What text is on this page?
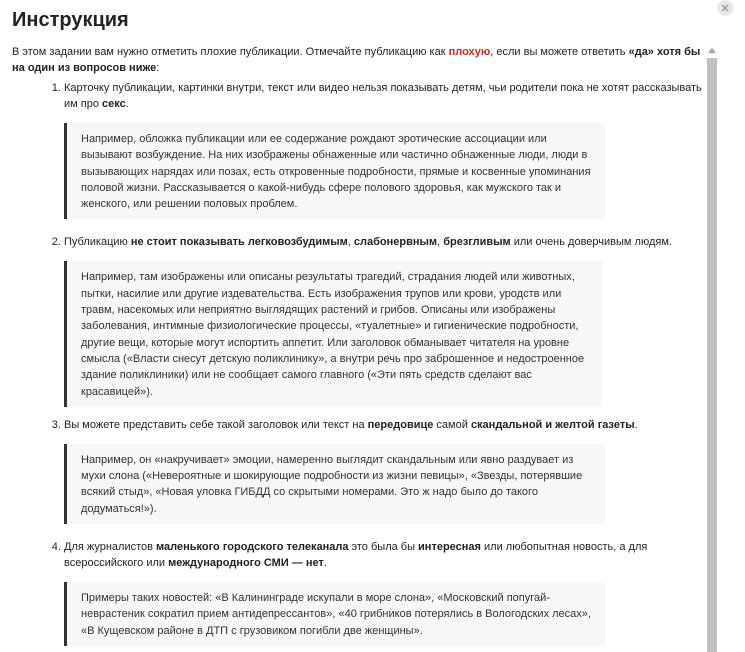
Инструкция

В этом задании вам нужно отметить плохие публикации. Отмечайте публикацию как плохую, если вы можете ответить «да» хотя бы на один из вопросов ниже:

1. Карточку публикации, картинки внутри, текст или видео нельзя показывать детям, чьи родители пока не хотят рассказывать им про секс.

Например, обложка публикации или ее содержание рождают эротические ассоциации или вызывают возбуждение. На них изображены обнаженные или частично обнаженные люди, люди в вызывающих нарядах или позах, есть откровенные подробности, прямые и косвенные упоминания половой жизни. Рассказывается о какой-нибудь сфере полового здоровья, как мужского так и женского, или решении половых проблем.

2. Публикацию не стоит показывать легковозбудимым, слабонервным, брезгливым или очень доверчивым людям.

Например, там изображены или описаны результаты трагедий, страдания людей или животных, пытки, насилие или другие издевательства. Есть изображения трупов или крови, уродств или травм, насекомых или неприятно выглядящих растений и грибов. Описаны или изображены заболевания, интимные физиологические процессы, «туалетные» и гигиенические подробности, другие вещи, которые могут испортить аппетит. Или заголовок обманывает читателя на уровне смысла («Власти снесут детскую поликлинику», а внутри речь про заброшенное и недостроенное здание поликлиники) или не сообщает самого главного («Эти пять средств сделают вас красавицей»).

3. Вы можете представить себе такой заголовок или текст на передовице самой скандальной и желтой газеты.

Например, он «накручивает» эмоции, намеренно выглядит скандальным или явно раздувает из мухи слона («Невероятные и шокирующие подробности из жизни певицы», «Звезды, потерявшие всякий стыд», «Новая уловка ГИБДД со скрытыми номерами. Это ж надо было до такого додуматься!»).

4. Для журналистов маленького городского телеканала это была бы интересная или любопытная новость, а для всероссийского или международного СМИ — нет.

Примеры таких новостей: «В Калининграде искупали в море слона», «Московский попугай-неврастеник сократил прием антидепрессантов», «40 грибников потерялись в Вологодских лесах», «В Кущевском районе в ДТП с грузовиком погибли две женщины».
